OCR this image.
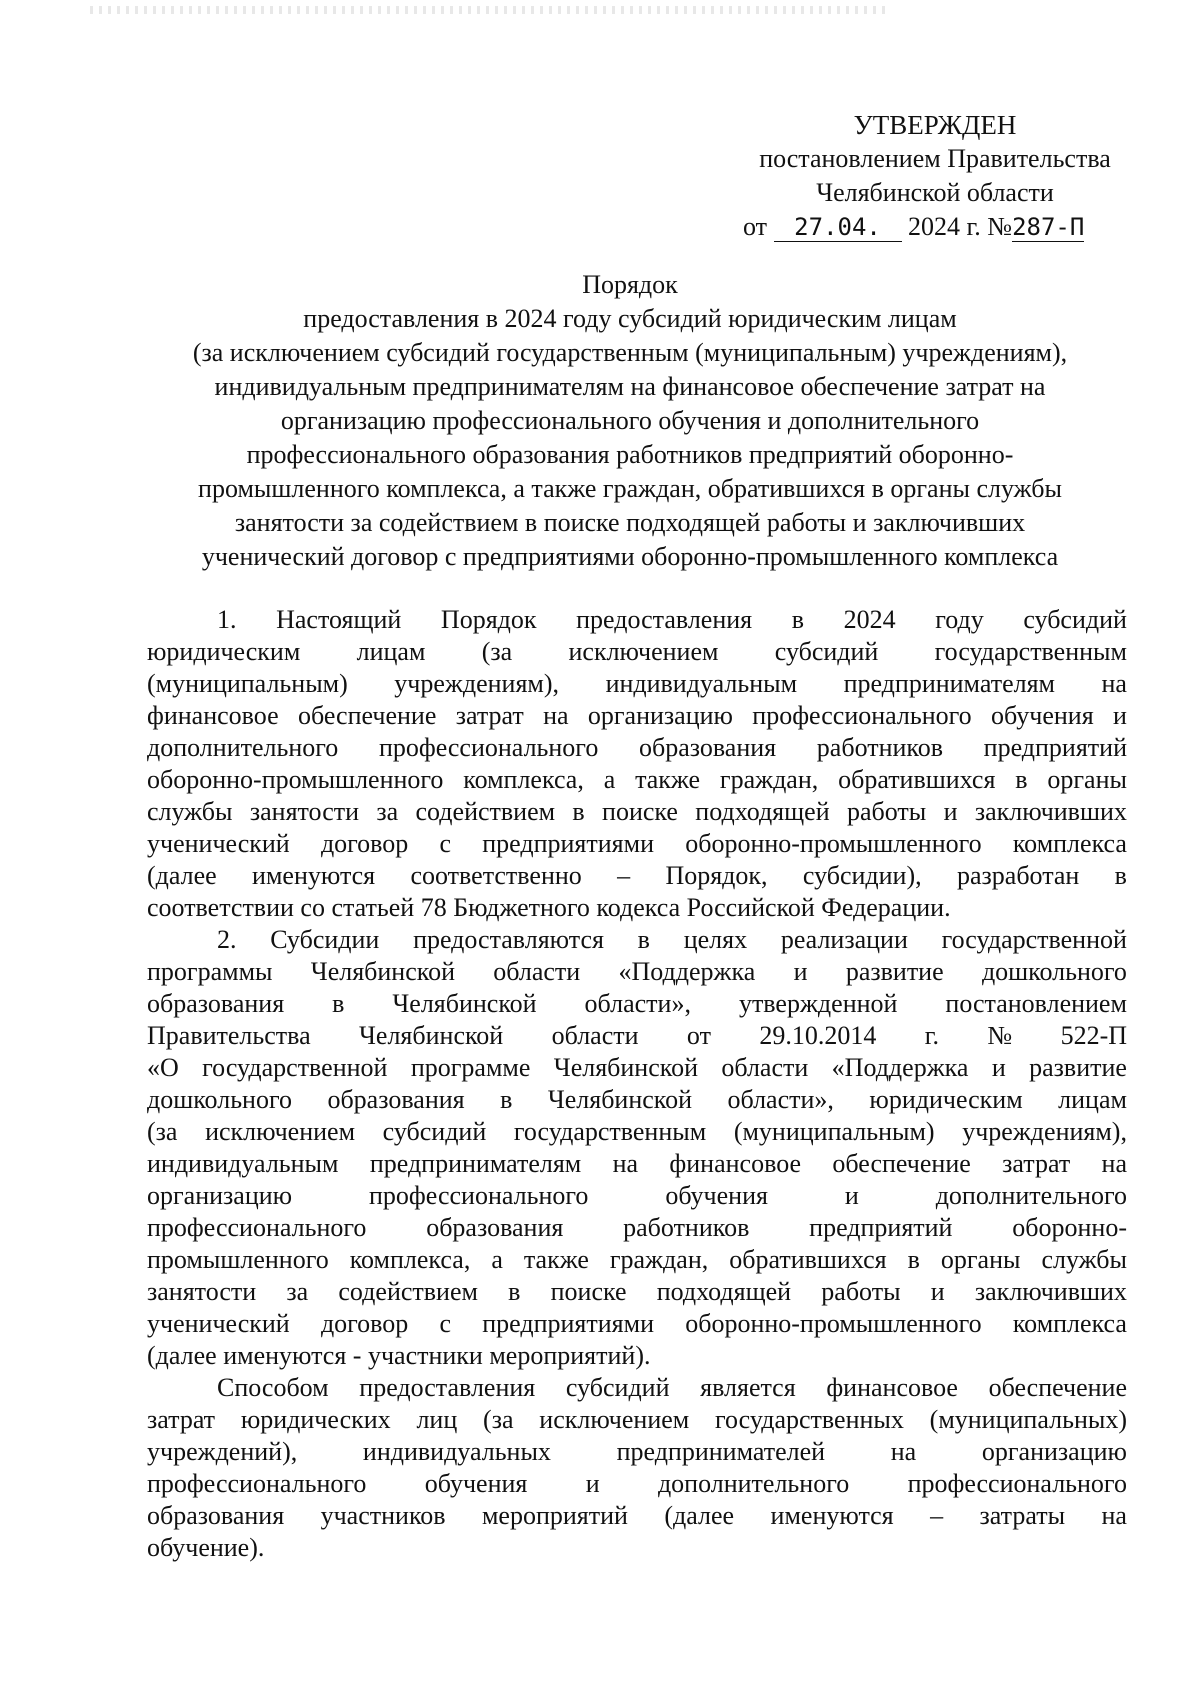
УТВЕРЖДЕН
постановлением Правительства
Челябинской области
от 27.04. 2024 г. №287-П
Порядок
предоставления в 2024 году субсидий юридическим лицам
(за исключением субсидий государственным (муниципальным) учреждениям),
индивидуальным предпринимателям на финансовое обеспечение затрат на
организацию профессионального обучения и дополнительного
профессионального образования работников предприятий оборонно-
промышленного комплекса, а также граждан, обратившихся в органы службы
занятости за содействием в поиске подходящей работы и заключивших
ученический договор с предприятиями оборонно-промышленного комплекса
1. Настоящий Порядок предоставления в 2024 году субсидий
юридическим лицам (за исключением субсидий государственным
(муниципальным) учреждениям), индивидуальным предпринимателям на
финансовое обеспечение затрат на организацию профессионального обучения и
дополнительного профессионального образования работников предприятий
оборонно-промышленного комплекса, а также граждан, обратившихся в органы
службы занятости за содействием в поиске подходящей работы и заключивших
ученический договор с предприятиями оборонно-промышленного комплекса
(далее именуются соответственно – Порядок, субсидии), разработан в
соответствии со статьей 78 Бюджетного кодекса Российской Федерации.
2. Субсидии предоставляются в целях реализации государственной
программы Челябинской области «Поддержка и развитие дошкольного
образования в Челябинской области», утвержденной постановлением
Правительства Челябинской области от 29.10.2014 г. № 522-П
«О государственной программе Челябинской области «Поддержка и развитие
дошкольного образования в Челябинской области», юридическим лицам
(за исключением субсидий государственным (муниципальным) учреждениям),
индивидуальным предпринимателям на финансовое обеспечение затрат на
организацию	профессионального	обучения	и	дополнительного
профессионального образования работников предприятий оборонно-
промышленного комплекса, а также граждан, обратившихся в органы службы
занятости за содействием в поиске подходящей работы и заключивших
ученический договор с предприятиями оборонно-промышленного комплекса
(далее именуются - участники мероприятий).
Способом предоставления субсидий является финансовое обеспечение
затрат юридических лиц (за исключением государственных (муниципальных)
учреждений),	индивидуальных	предпринимателей	на	организацию
профессионального обучения и дополнительного профессионального
образования участников мероприятий (далее именуются – затраты на
обучение).
